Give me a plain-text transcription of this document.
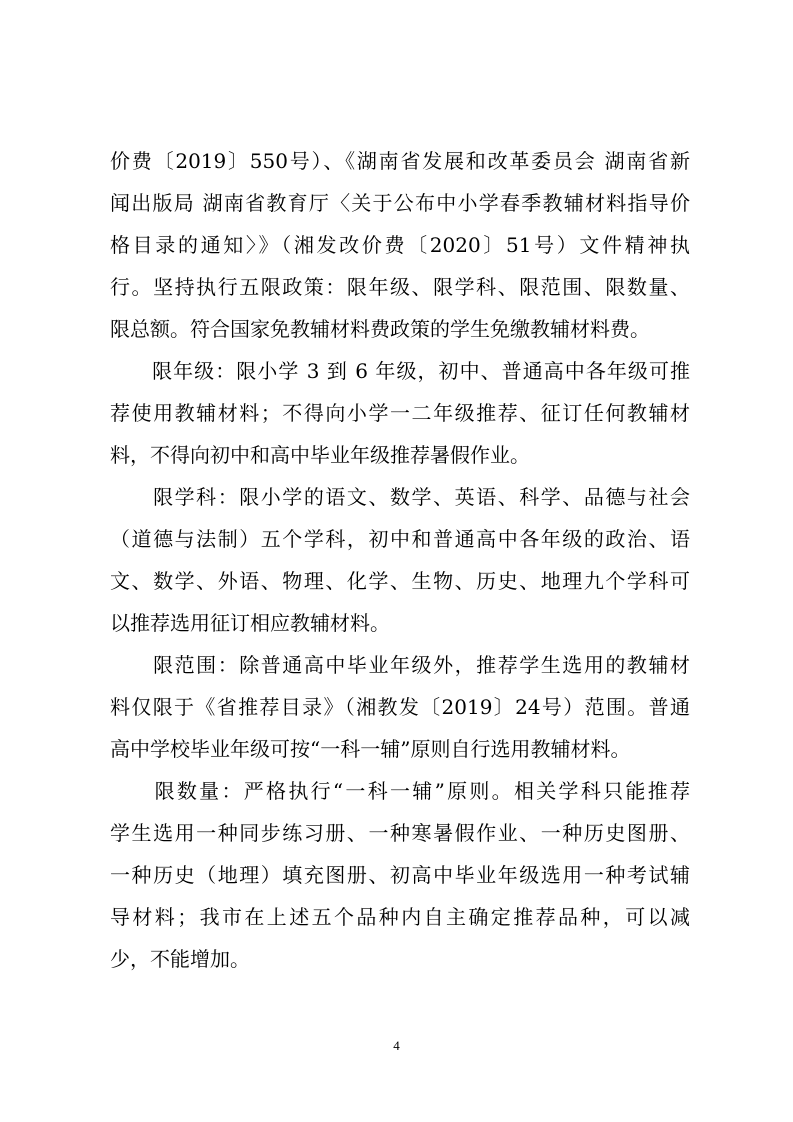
价费〔2019〕550号）、《湖南省发展和改革委员会 湖南省新
闻出版局 湖南省教育厅〈关于公布中小学春季教辅材料指导价
格目录的通知〉》（湘发改价费〔2020〕51号）文件精神执
行。坚持执行五限政策：限年级、限学科、限范围、限数量、
限总额。符合国家免教辅材料费政策的学生免缴教辅材料费。
　　限年级：限小学 3 到 6 年级，初中、普通高中各年级可推
荐使用教辅材料；不得向小学一二年级推荐、征订任何教辅材
料，不得向初中和高中毕业年级推荐暑假作业。
　　限学科：限小学的语文、数学、英语、科学、品德与社会
（道德与法制）五个学科，初中和普通高中各年级的政治、语
文、数学、外语、物理、化学、生物、历史、地理九个学科可
以推荐选用征订相应教辅材料。
　　限范围：除普通高中毕业年级外，推荐学生选用的教辅材
料仅限于《省推荐目录》（湘教发〔2019〕24号）范围。普通
高中学校毕业年级可按“一科一辅”原则自行选用教辅材料。
　　限数量：严格执行“一科一辅”原则。相关学科只能推荐
学生选用一种同步练习册、一种寒暑假作业、一种历史图册、
一种历史（地理）填充图册、初高中毕业年级选用一种考试辅
导材料；我市在上述五个品种内自主确定推荐品种，可以减
少，不能增加。
4
